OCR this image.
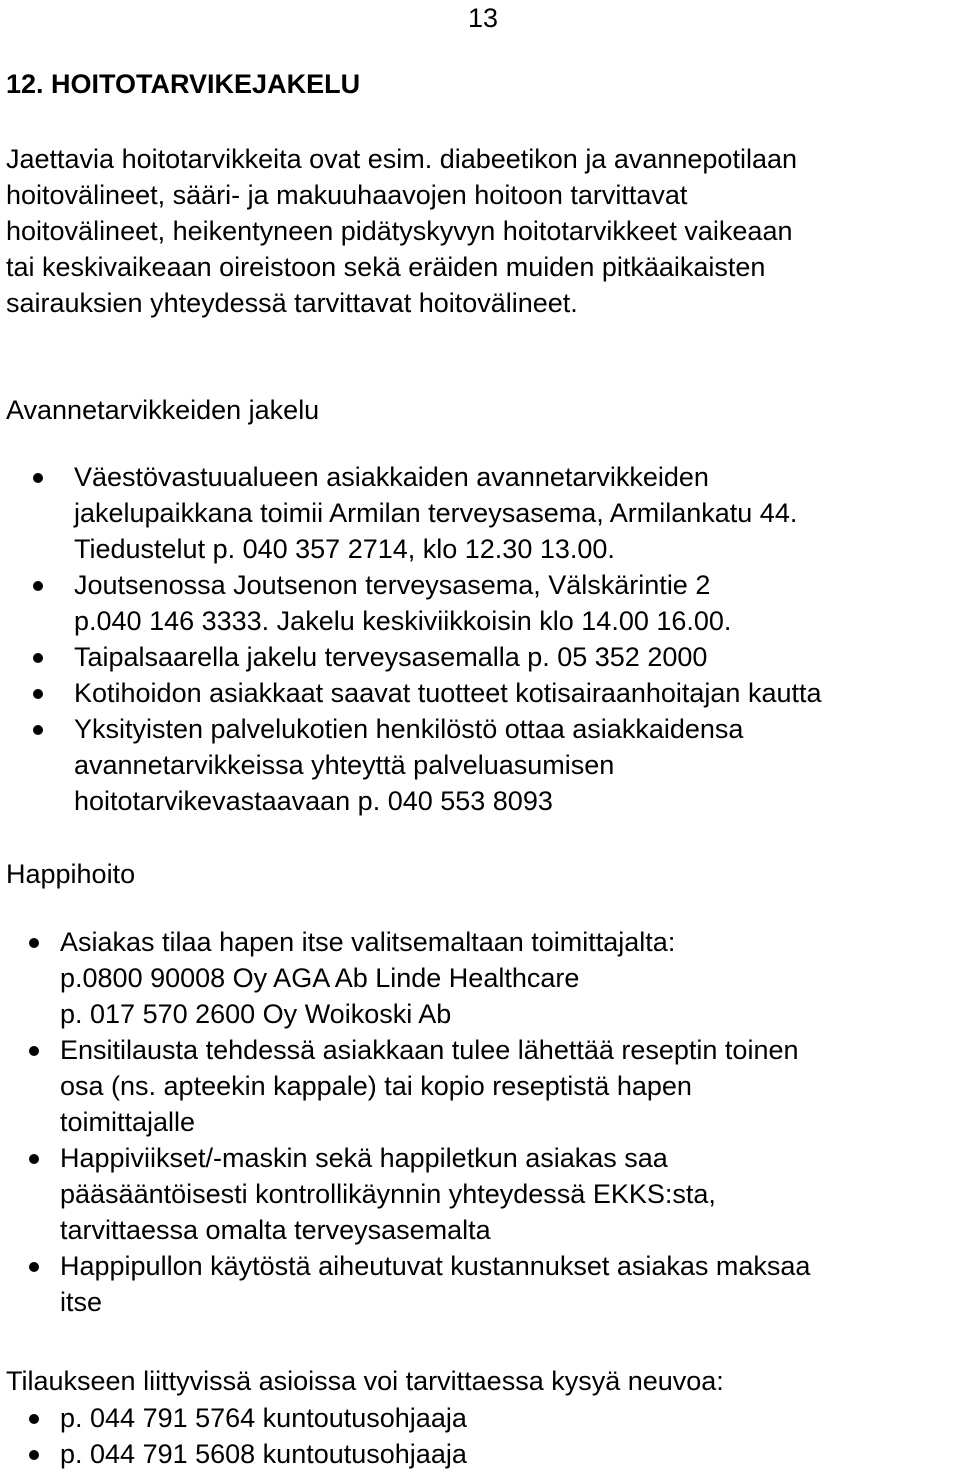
13
12. HOITOTARVIKEJAKELU

Jaettavia hoitotarvikkeita ovat esim. diabeetikon ja avannepotilaan
hoitovälineet, sääri- ja makuuhaavojen hoitoon tarvittavat
hoitovälineet, heikentyneen pidätyskyvyn hoitotarvikkeet vaikeaan
tai keskivaikeaan oireistoon sekä eräiden muiden pitkäaikaisten
sairauksien yhteydessä tarvittavat hoitovälineet.

Avannetarvikkeiden jakelu

Väestövastuualueen asiakkaiden avannetarvikkeiden
jakelupaikkana toimii Armilan terveysasema, Armilankatu 44.
Tiedustelut p. 040 357 2714, klo 12.30 13.00.
Joutsenossa Joutsenon terveysasema, Välskärintie 2
p.040 146 3333. Jakelu keskiviikkoisin klo 14.00 16.00.
Taipalsaarella jakelu terveysasemalla p. 05 352 2000
Kotihoidon asiakkaat saavat tuotteet kotisairaanhoitajan kautta
Yksityisten palvelukotien henkilöstö ottaa asiakkaidensa
avannetarvikkeissa yhteyttä palveluasumisen
hoitotarvikevastaavaan p. 040 553 8093

Happihoito

Asiakas tilaa hapen itse valitsemaltaan toimittajalta:
p.0800 90008 Oy AGA Ab Linde Healthcare
p. 017 570 2600 Oy Woikoski Ab
Ensitilausta tehdessä asiakkaan tulee lähettää reseptin toinen
osa (ns. apteekin kappale) tai kopio reseptistä hapen
toimittajalle
Happiviikset/-maskin sekä happiletkun asiakas saa
pääsääntöisesti kontrollikäynnin yhteydessä EKKS:sta,
tarvittaessa omalta terveysasemalta
Happipullon käytöstä aiheutuvat kustannukset asiakas maksaa
itse

Tilaukseen liittyvissä asioissa voi tarvittaessa kysyä neuvoa:

p. 044 791 5764 kuntoutusohjaaja
p. 044 791 5608 kuntoutusohjaaja
